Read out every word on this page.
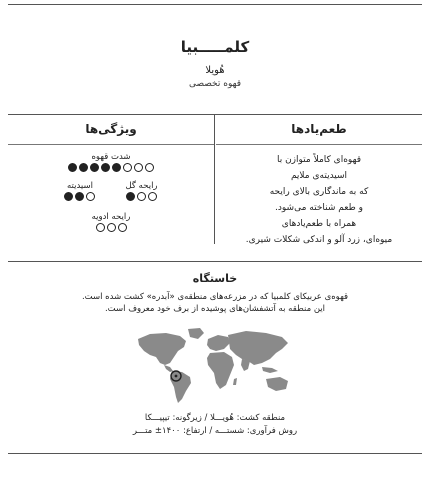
کلمـــــبیا
هُویلا
قهوه تخصصی
طعم‌یادها
قهوه‌ای کاملاً متوازن با
اسیدیته‌ی ملایم
که به ماندگاری بالای رایحه
و طعم شناخته می‌شود.
همراه با طعم‌یادهای
میوه‌ای، زرد آلو و اندکی شکلات شیری.
ویژگی‌ها
شدت قهوه
رایحه گل
اسیدیته
رایحه ادویه
خاستگاه
قهوه‌ی عربیکای کلمبیا که در مزرعه‌های منطقه‌ی «آبدره» کشت شده است.
این منطقه به آتشفشان‌های پوشیده از برف خود معروف است.
منطقه کشت: هُویـــلا / زیرگونه: تیپیـــکا
روش فرآوری: شستـــه / ارتفاع: ۱۴۰۰± متـــر
